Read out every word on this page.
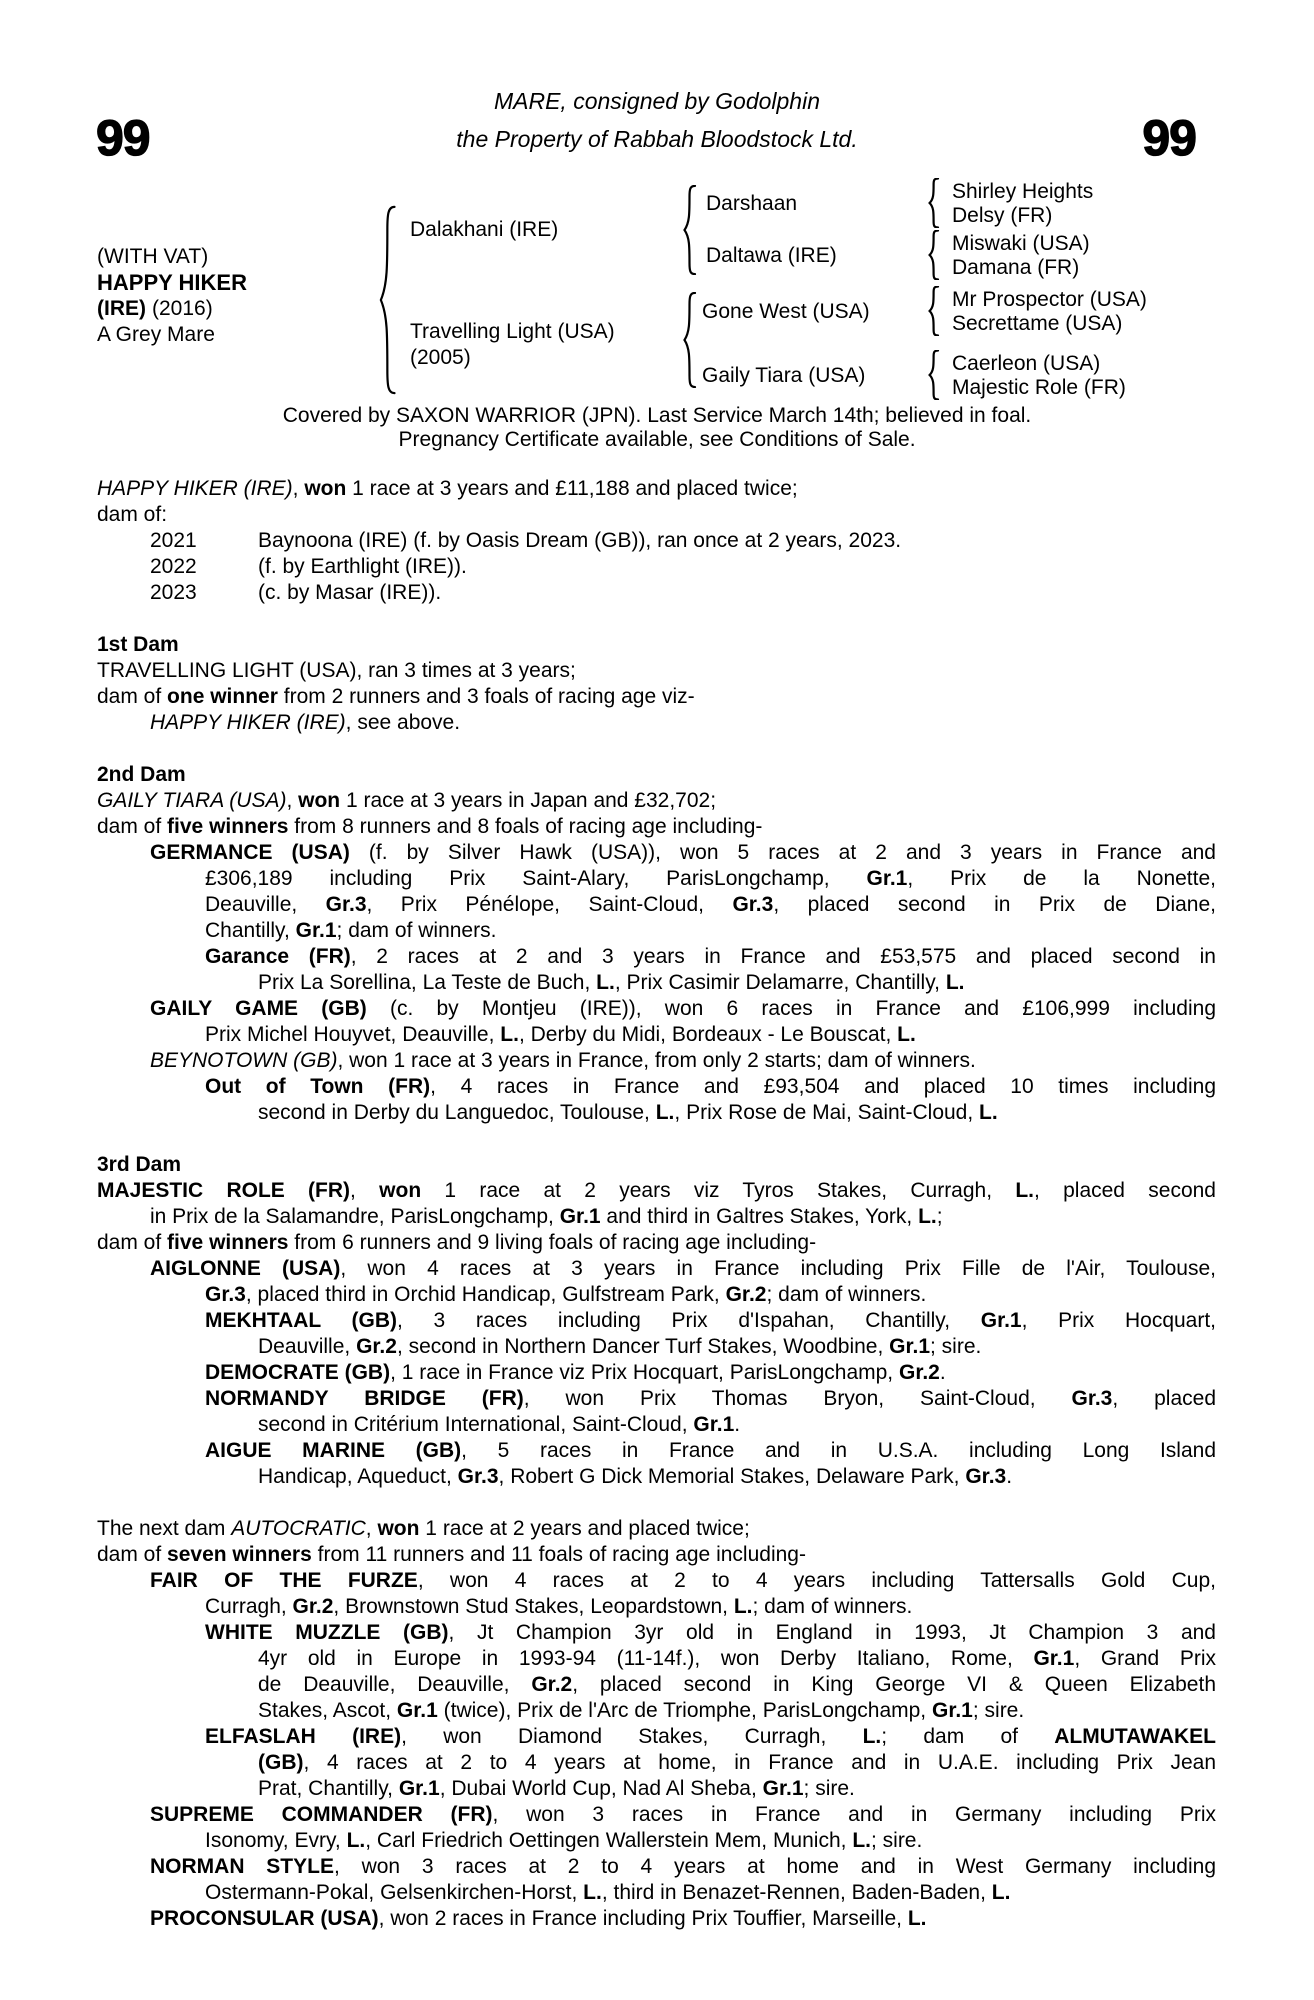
MARE, consigned by Godolphin
the Property of Rabbah Bloodstock Ltd.
99	99
(WITH VAT)
HAPPY HIKER
(IRE) (2016)
A Grey Mare
Dalakhani (IRE)
Travelling Light (USA)
(2005)
Darshaan
Daltawa (IRE)
Gone West (USA)
Gaily Tiara (USA)
Shirley Heights
Delsy (FR)
Miswaki (USA)
Damana (FR)
Mr Prospector (USA)
Secrettame (USA)
Caerleon (USA)
Majestic Role (FR)
Covered by SAXON WARRIOR (JPN). Last Service March 14th; believed in foal.
Pregnancy Certificate available, see Conditions of Sale.
HAPPY HIKER (IRE), won 1 race at 3 years and £11,188 and placed twice;
dam of:
2021	Baynoona (IRE) (f. by Oasis Dream (GB)), ran once at 2 years, 2023.
2022	(f. by Earthlight (IRE)).
2023	(c. by Masar (IRE)).
1st Dam
TRAVELLING LIGHT (USA), ran 3 times at 3 years;
dam of one winner from 2 runners and 3 foals of racing age viz-
HAPPY HIKER (IRE), see above.
2nd Dam
GAILY TIARA (USA), won 1 race at 3 years in Japan and £32,702;
dam of five winners from 8 runners and 8 foals of racing age including-
GERMANCE (USA) (f. by Silver Hawk (USA)), won 5 races at 2 and 3 years in France and
£306,189 including Prix Saint-Alary, ParisLongchamp, Gr.1, Prix de la Nonette,
Deauville, Gr.3, Prix Pénélope, Saint-Cloud, Gr.3, placed second in Prix de Diane,
Chantilly, Gr.1; dam of winners.
Garance (FR), 2 races at 2 and 3 years in France and £53,575 and placed second in
Prix La Sorellina, La Teste de Buch, L., Prix Casimir Delamarre, Chantilly, L.
GAILY GAME (GB) (c. by Montjeu (IRE)), won 6 races in France and £106,999 including
Prix Michel Houyvet, Deauville, L., Derby du Midi, Bordeaux - Le Bouscat, L.
BEYNOTOWN (GB), won 1 race at 3 years in France, from only 2 starts; dam of winners.
Out of Town (FR), 4 races in France and £93,504 and placed 10 times including
second in Derby du Languedoc, Toulouse, L., Prix Rose de Mai, Saint-Cloud, L.
3rd Dam
MAJESTIC ROLE (FR), won 1 race at 2 years viz Tyros Stakes, Curragh, L., placed second
in Prix de la Salamandre, ParisLongchamp, Gr.1 and third in Galtres Stakes, York, L.;
dam of five winners from 6 runners and 9 living foals of racing age including-
AIGLONNE (USA), won 4 races at 3 years in France including Prix Fille de l'Air, Toulouse,
Gr.3, placed third in Orchid Handicap, Gulfstream Park, Gr.2; dam of winners.
MEKHTAAL (GB), 3 races including Prix d'Ispahan, Chantilly, Gr.1, Prix Hocquart,
Deauville, Gr.2, second in Northern Dancer Turf Stakes, Woodbine, Gr.1; sire.
DEMOCRATE (GB), 1 race in France viz Prix Hocquart, ParisLongchamp, Gr.2.
NORMANDY BRIDGE (FR), won Prix Thomas Bryon, Saint-Cloud, Gr.3, placed
second in Critérium International, Saint-Cloud, Gr.1.
AIGUE MARINE (GB), 5 races in France and in U.S.A. including Long Island
Handicap, Aqueduct, Gr.3, Robert G Dick Memorial Stakes, Delaware Park, Gr.3.
The next dam AUTOCRATIC, won 1 race at 2 years and placed twice;
dam of seven winners from 11 runners and 11 foals of racing age including-
FAIR OF THE FURZE, won 4 races at 2 to 4 years including Tattersalls Gold Cup,
Curragh, Gr.2, Brownstown Stud Stakes, Leopardstown, L.; dam of winners.
WHITE MUZZLE (GB), Jt Champion 3yr old in England in 1993, Jt Champion 3 and
4yr old in Europe in 1993-94 (11-14f.), won Derby Italiano, Rome, Gr.1, Grand Prix
de Deauville, Deauville, Gr.2, placed second in King George VI & Queen Elizabeth
Stakes, Ascot, Gr.1 (twice), Prix de l'Arc de Triomphe, ParisLongchamp, Gr.1; sire.
ELFASLAH (IRE), won Diamond Stakes, Curragh, L.; dam of ALMUTAWAKEL
(GB), 4 races at 2 to 4 years at home, in France and in U.A.E. including Prix Jean
Prat, Chantilly, Gr.1, Dubai World Cup, Nad Al Sheba, Gr.1; sire.
SUPREME COMMANDER (FR), won 3 races in France and in Germany including Prix
Isonomy, Evry, L., Carl Friedrich Oettingen Wallerstein Mem, Munich, L.; sire.
NORMAN STYLE, won 3 races at 2 to 4 years at home and in West Germany including
Ostermann-Pokal, Gelsenkirchen-Horst, L., third in Benazet-Rennen, Baden-Baden, L.
PROCONSULAR (USA), won 2 races in France including Prix Touffier, Marseille, L.
